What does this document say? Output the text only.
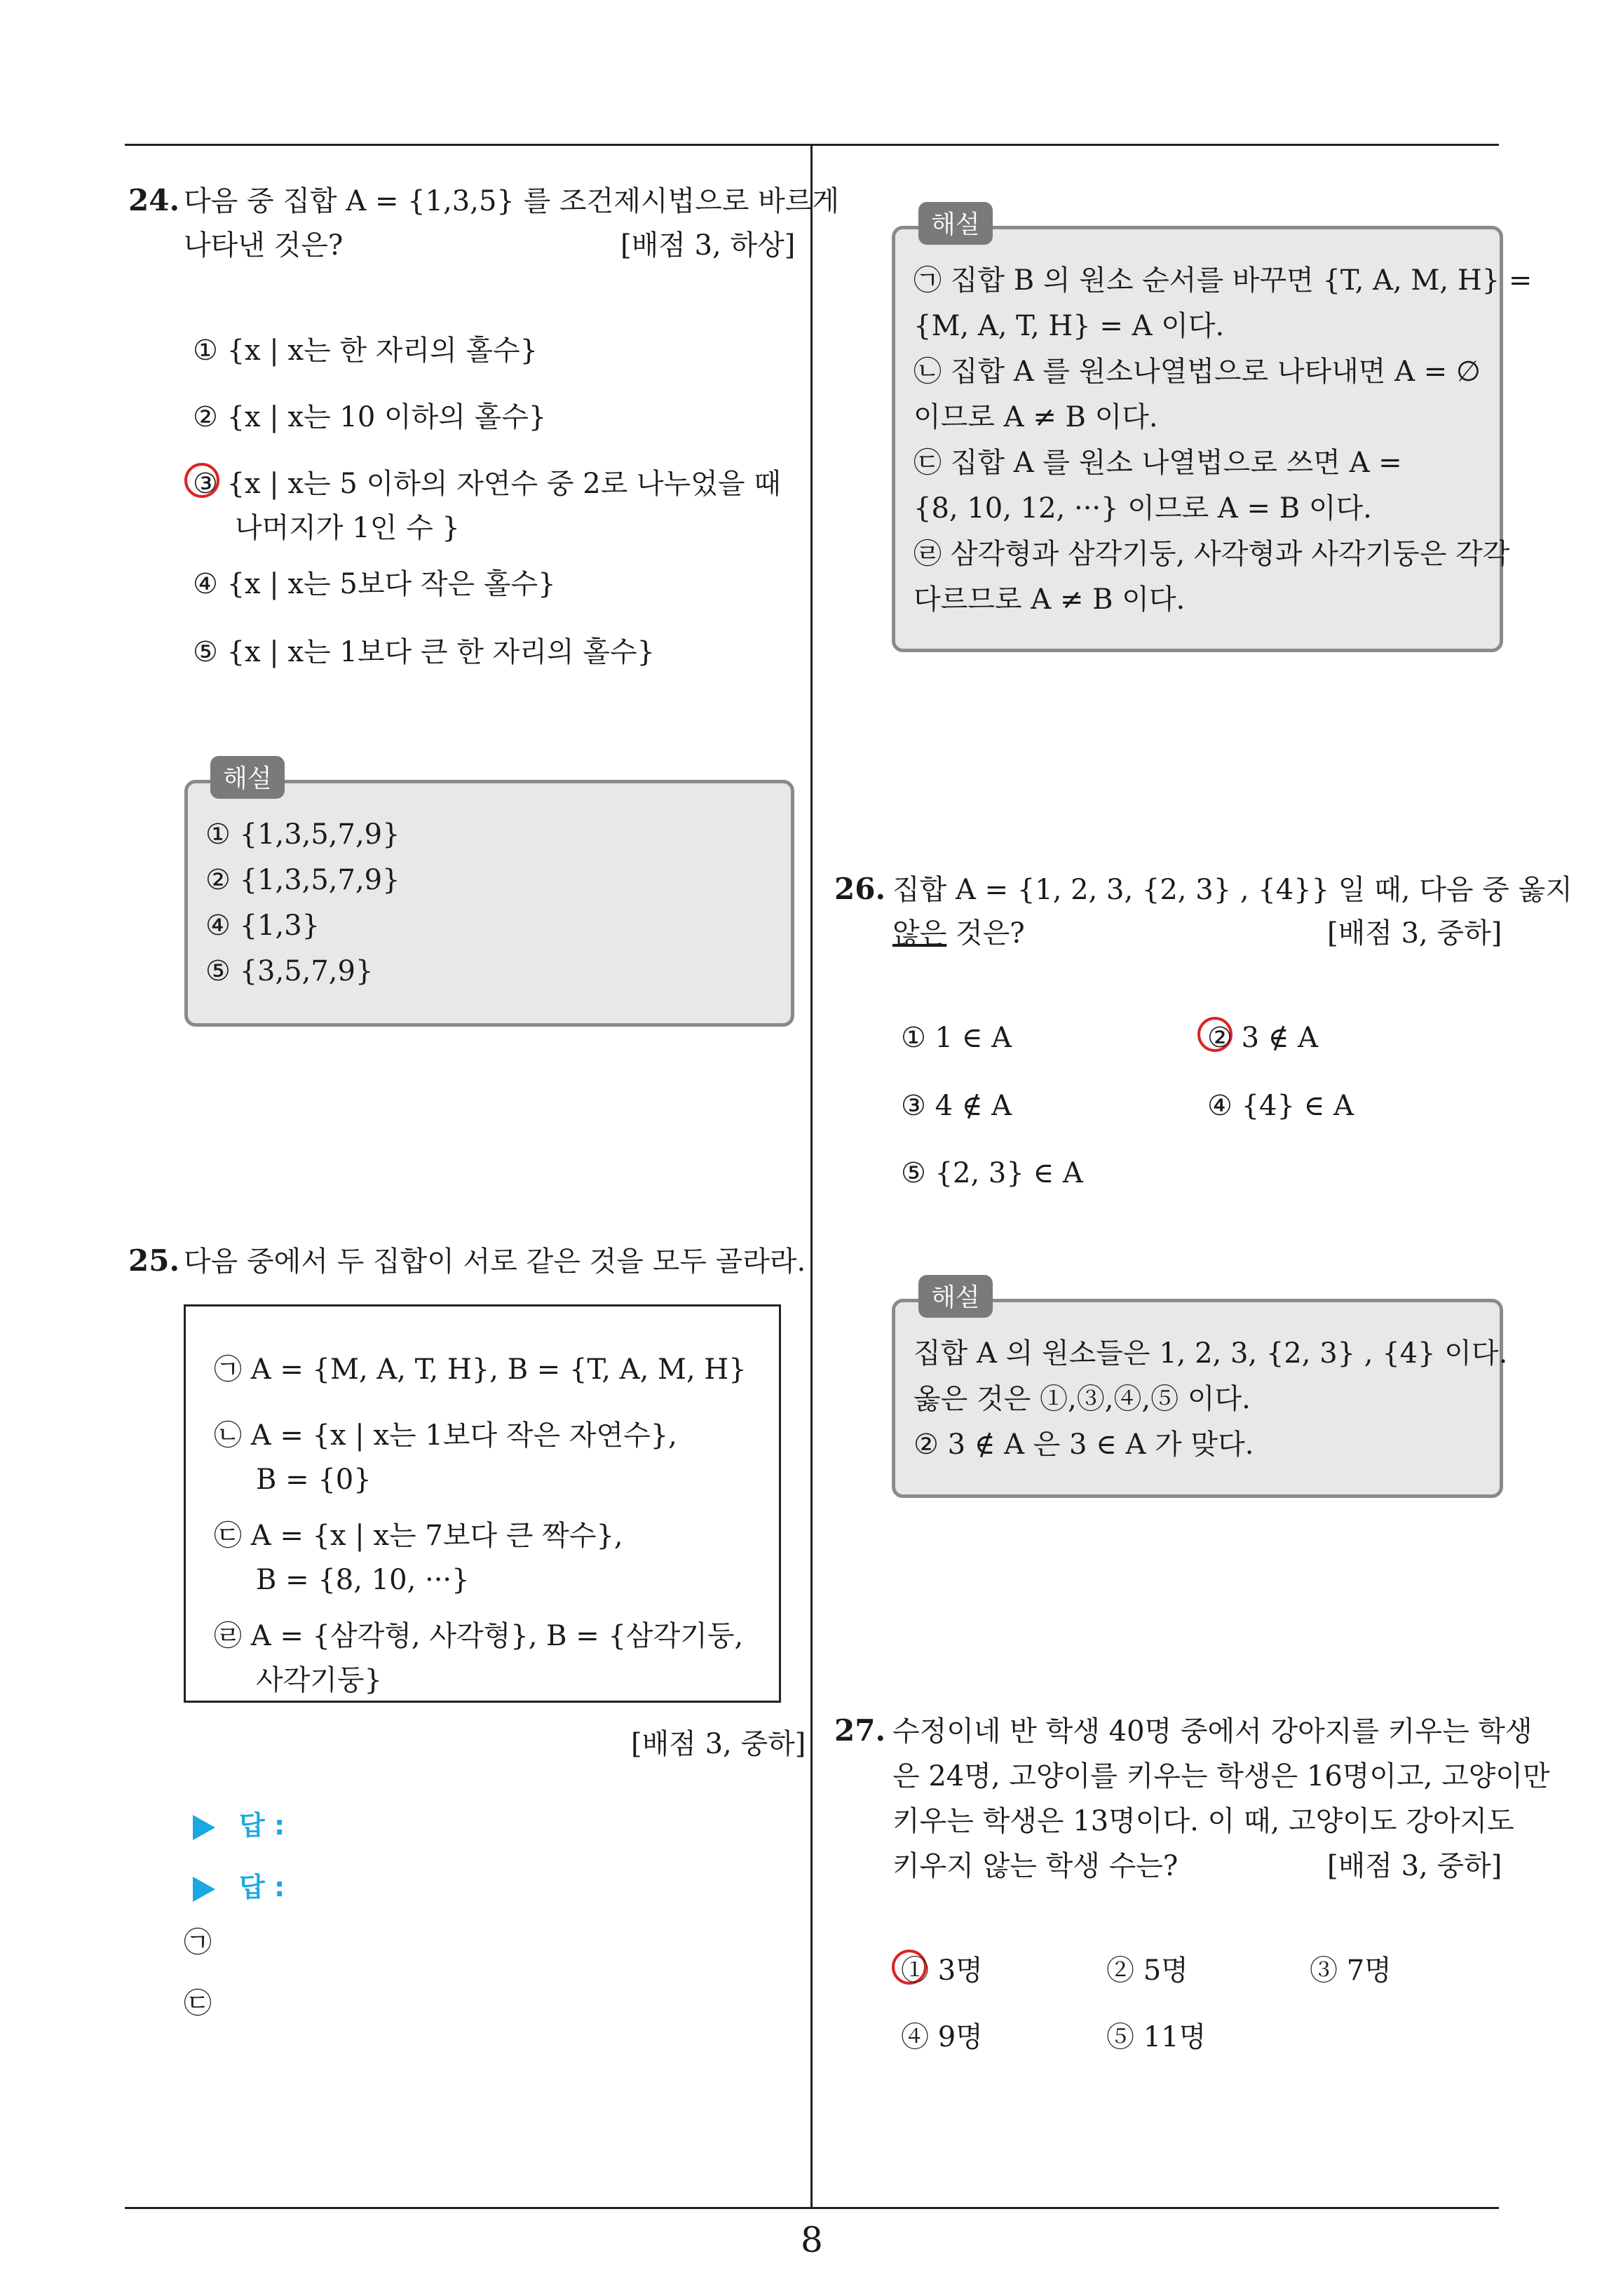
8
24. 다음 중 집합 A = {1,3,5} 를 조건제시법으로 바르게
나타낸 것은?	[배점 3, 하상]
① {x | x는 한 자리의 홀수}
② {x | x는 10 이하의 홀수}
③ {x | x는 5 이하의 자연수 중 2로 나누었을 때
나머지가 1인 수 }
④ {x | x는 5보다 작은 홀수}
⑤ {x | x는 1보다 큰 한 자리의 홀수}
해설
① {1,3,5,7,9}
② {1,3,5,7,9}
④ {1,3}
⑤ {3,5,7,9}
25. 다음 중에서 두 집합이 서로 같은 것을 모두 골라라.
㉠ A = {M, A, T, H}, B = {T, A, M, H}
㉡ A = {x | x는 1보다 작은 자연수},
B = {0}
㉢ A = {x | x는 7보다 큰 짝수},
B = {8, 10, ···}
㉣ A = {삼각형, 사각형}, B = {삼각기둥,
사각기둥}
[배점 3, 중하]
답 :
답 :
㉠
㉢
해설
㉠ 집합 B 의 원소 순서를 바꾸면 {T, A, M, H} =
{M, A, T, H} = A 이다.
㉡ 집합 A 를 원소나열법으로 나타내면 A = ∅
이므로 A ≠ B 이다.
㉢ 집합 A 를 원소 나열법으로 쓰면 A =
{8, 10, 12, ···} 이므로 A = B 이다.
㉣ 삼각형과 삼각기둥, 사각형과 사각기둥은 각각
다르므로 A ≠ B 이다.
26. 집합 A = {1, 2, 3, {2, 3} , {4}} 일 때, 다음 중 옳지
않은 것은?	[배점 3, 중하]
① 1 ∈ A	② 3 ∉ A
③ 4 ∉ A	④ {4} ∈ A
⑤ {2, 3} ∈ A
해설
집합 A 의 원소들은 1, 2, 3, {2, 3} , {4} 이다.
옳은 것은 ①,③,④,⑤ 이다.
② 3 ∉ A 은 3 ∈ A 가 맞다.
27. 수정이네 반 학생 40명 중에서 강아지를 키우는 학생
은 24명, 고양이를 키우는 학생은 16명이고, 고양이만
키우는 학생은 13명이다. 이 때, 고양이도 강아지도
키우지 않는 학생 수는?	[배점 3, 중하]
① 3명	② 5명	③ 7명
④ 9명	⑤ 11명
